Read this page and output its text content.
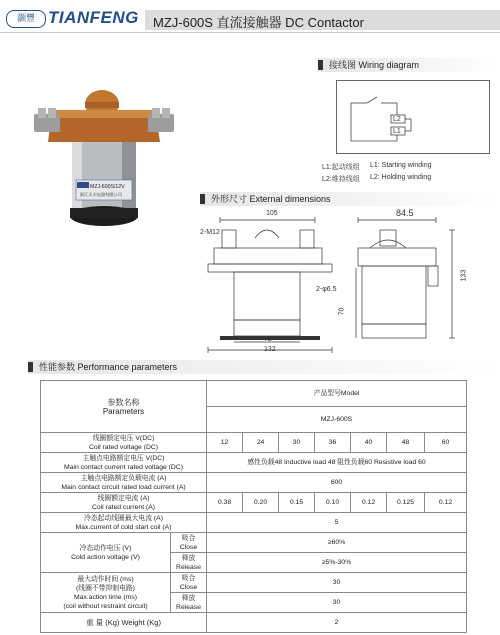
灏豐 TIANFENG MZJ-600S 直流接触器 DC Contactor
MZJ-600S/12V
浙江天丰电器有限公司
接线图 Wiring diagram
L2
L1
L1:起动线组 L1: Starting winding
L2:维持线组 L2: Holding winding
外形尺寸 External dimensions
105
2-M12
2-φ6.5
72
132
84.5
133
70
性能参数 Performance parameters
参数名称
Parameters		产品型号Model						
		MZJ-600S						

线圈额定电压 V(DC)
Coil rated voltage (DC)		12	24	30	36	40	48	60

主触点电路额定电压 V(DC)
Main contact current rated voltage (DC)		感性负载48 Inductive load 48 阻性负载60 Resistive load 60						

主触点电路额定负载电流 (A)
Main contact circuit rated load current (A)		600						

线圈额定电流 (A)
Coil rated current (A)		0.38	0.20	0.15	0.10	0.12	0.125	0.12

冷态起动线圈最大电流 (A)
Max.current of cold start coil (A)		5						

冷态动作电压 (V)
Cold action voltage (V)	吸合
Close	≥60%						

	释放
Release	≥5%-30%						

最大动作时间 (ms)
(线圈不带抑制电路)
Max.action time (ms)
(coil without restraint circuit)	吸合
Close	30						

	释放
Release	30						
重 量 (Kg) Weight (Kg)		2						
